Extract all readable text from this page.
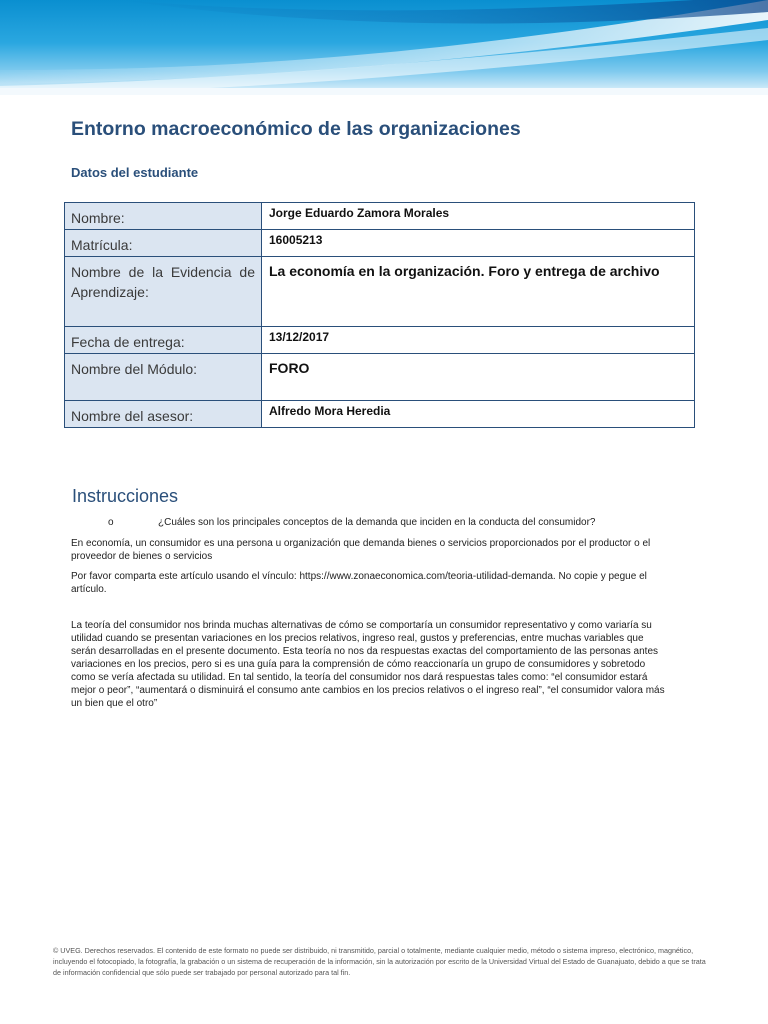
Entorno macroeconómico de las organizaciones
Datos del estudiante
Nombre:	Jorge Eduardo Zamora Morales
Matrícula:	16005213
Nombre de la Evidencia de Aprendizaje:	La economía en la organización. Foro y entrega de archivo
Fecha de entrega:	13/12/2017
Nombre del Módulo:	FORO
Nombre del asesor:	Alfredo Mora Heredia
Instrucciones
o	¿Cuáles son los principales conceptos de la demanda que inciden en la conducta del consumidor?

En economía, un consumidor es una persona u organización que demanda bienes o servicios proporcionados por el productor o el proveedor de bienes o servicios

Por favor comparta este artículo usando el vínculo: https://www.zonaeconomica.com/teoria-utilidad-demanda. No copie y pegue el artículo.

La teoría del consumidor nos brinda muchas alternativas de cómo se comportaría un consumidor representativo y como variaría su utilidad cuando se presentan variaciones en los precios relativos, ingreso real, gustos y preferencias, entre muchas variables que serán desarrolladas en el presente documento. Esta teoría no nos da respuestas exactas del comportamiento de las personas antes variaciones en los precios, pero si es una guía para la comprensión de cómo reaccionaría un grupo de consumidores y sobretodo como se vería afectada su utilidad. En tal sentido, la teoría del consumidor nos dará respuestas tales como: “el consumidor estará mejor o peor”, “aumentará o disminuirá el consumo ante cambios en los precios relativos o el ingreso real”, “el consumidor valora más un bien que el otro”

© UVEG. Derechos reservados. El contenido de este formato no puede ser distribuido, ni transmitido, parcial o totalmente, mediante cualquier medio, método o sistema impreso, electrónico, magnético, incluyendo el fotocopiado, la fotografía, la grabación o un sistema de recuperación de la información, sin la autorización por escrito de la Universidad Virtual del Estado de Guanajuato, debido a que se trata de información confidencial que sólo puede ser trabajado por personal autorizado para tal fin.
